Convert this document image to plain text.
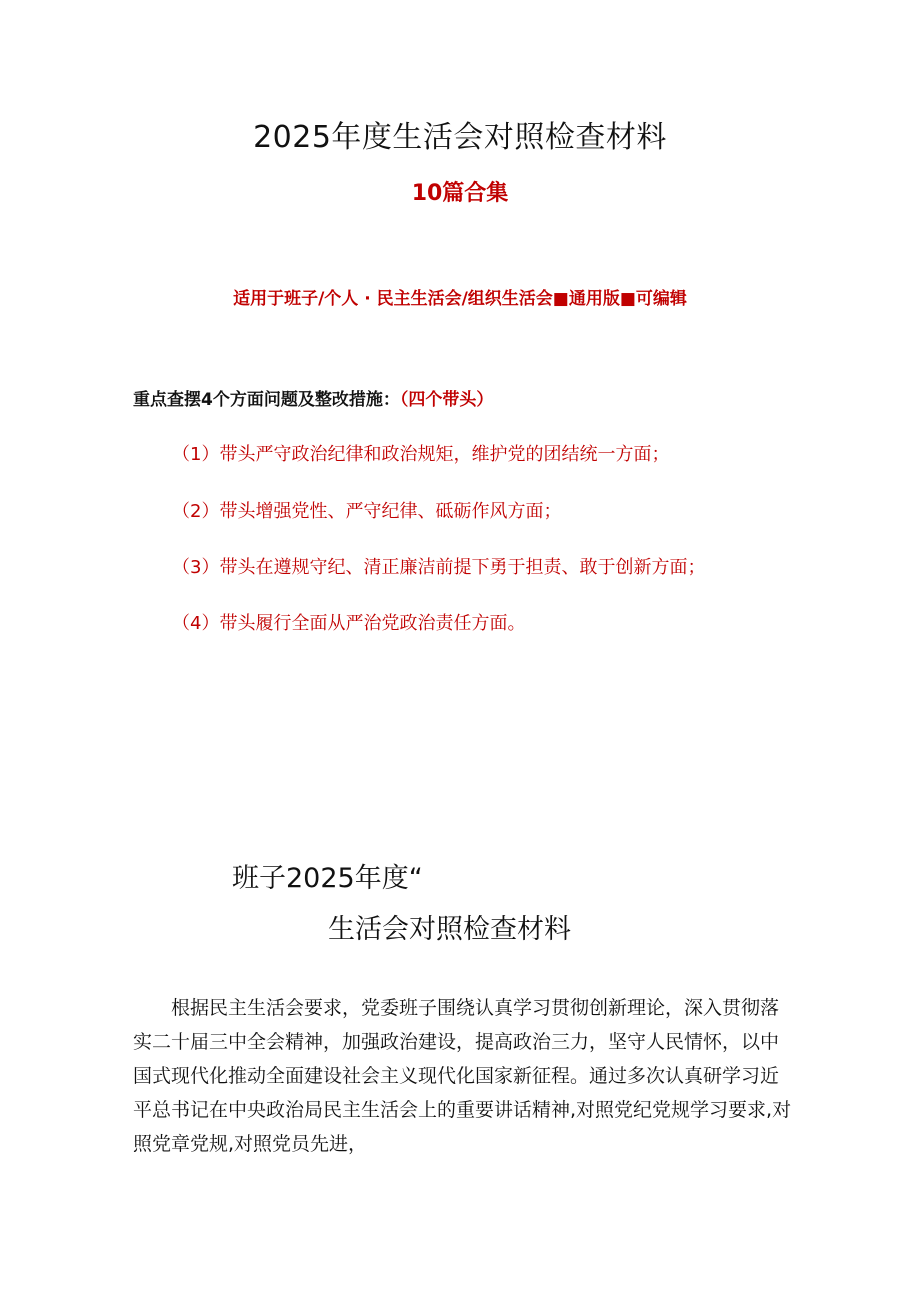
2025年度生活会对照检查材料
10篇合集
适用于班子/个人 · 民主生活会/组织生活会■通用版■可编辑
重点查摆4个方面问题及整改措施：（四个带头）
（1）带头严守政治纪律和政治规矩，维护党的团结统一方面；
（2）带头增强党性、严守纪律、砥砺作风方面；
（3）带头在遵规守纪、清正廉洁前提下勇于担责、敢于创新方面；
（4）带头履行全面从严治党政治责任方面。
班子2025年度“
生活会对照检查材料

根据民主生活会要求，党委班子围绕认真学习贯彻创新理论，深入贯彻落实二十届三中全会精神，加强政治建设，提高政治三力，坚守人民情怀，以中国式现代化推动全面建设社会主义现代化国家新征程。通过多次认真研学习近平总书记在中央政治局民主生活会上的重要讲话精神,对照党纪党规学习要求,对照党章党规,对照党员先进，
